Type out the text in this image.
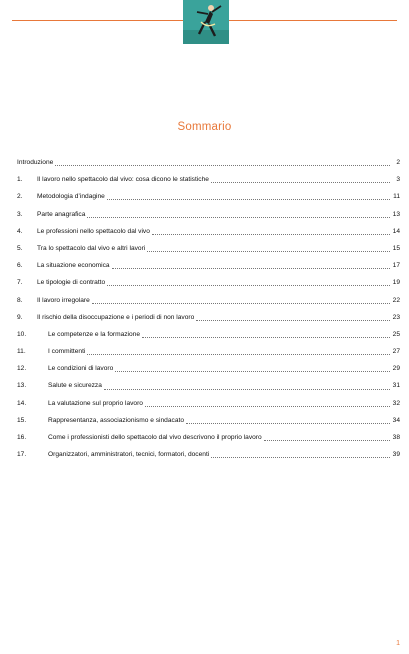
Sommario
Introduzione	2
1.	Il lavoro nello spettacolo dal vivo: cosa dicono le statistiche	3
2.	Metodologia d’indagine	11
3.	Parte anagrafica	13
4.	Le professioni nello spettacolo dal vivo	14
5.	Tra lo spettacolo dal vivo e altri lavori	15
6.	La situazione economica	17
7.	Le tipologie di contratto	19
8.	Il lavoro irregolare	22
9.	Il rischio della disoccupazione e i periodi di non lavoro	23
10.	Le competenze e la formazione	25
11.	I committenti	27
12.	Le condizioni di lavoro	29
13.	Salute e sicurezza	31
14.	La valutazione sul proprio lavoro	32
15.	Rappresentanza, associazionismo e sindacato	34
16.	Come i professionisti dello spettacolo dal vivo descrivono il proprio lavoro	38
17.	Organizzatori, amministratori, tecnici, formatori, docenti	39
1
